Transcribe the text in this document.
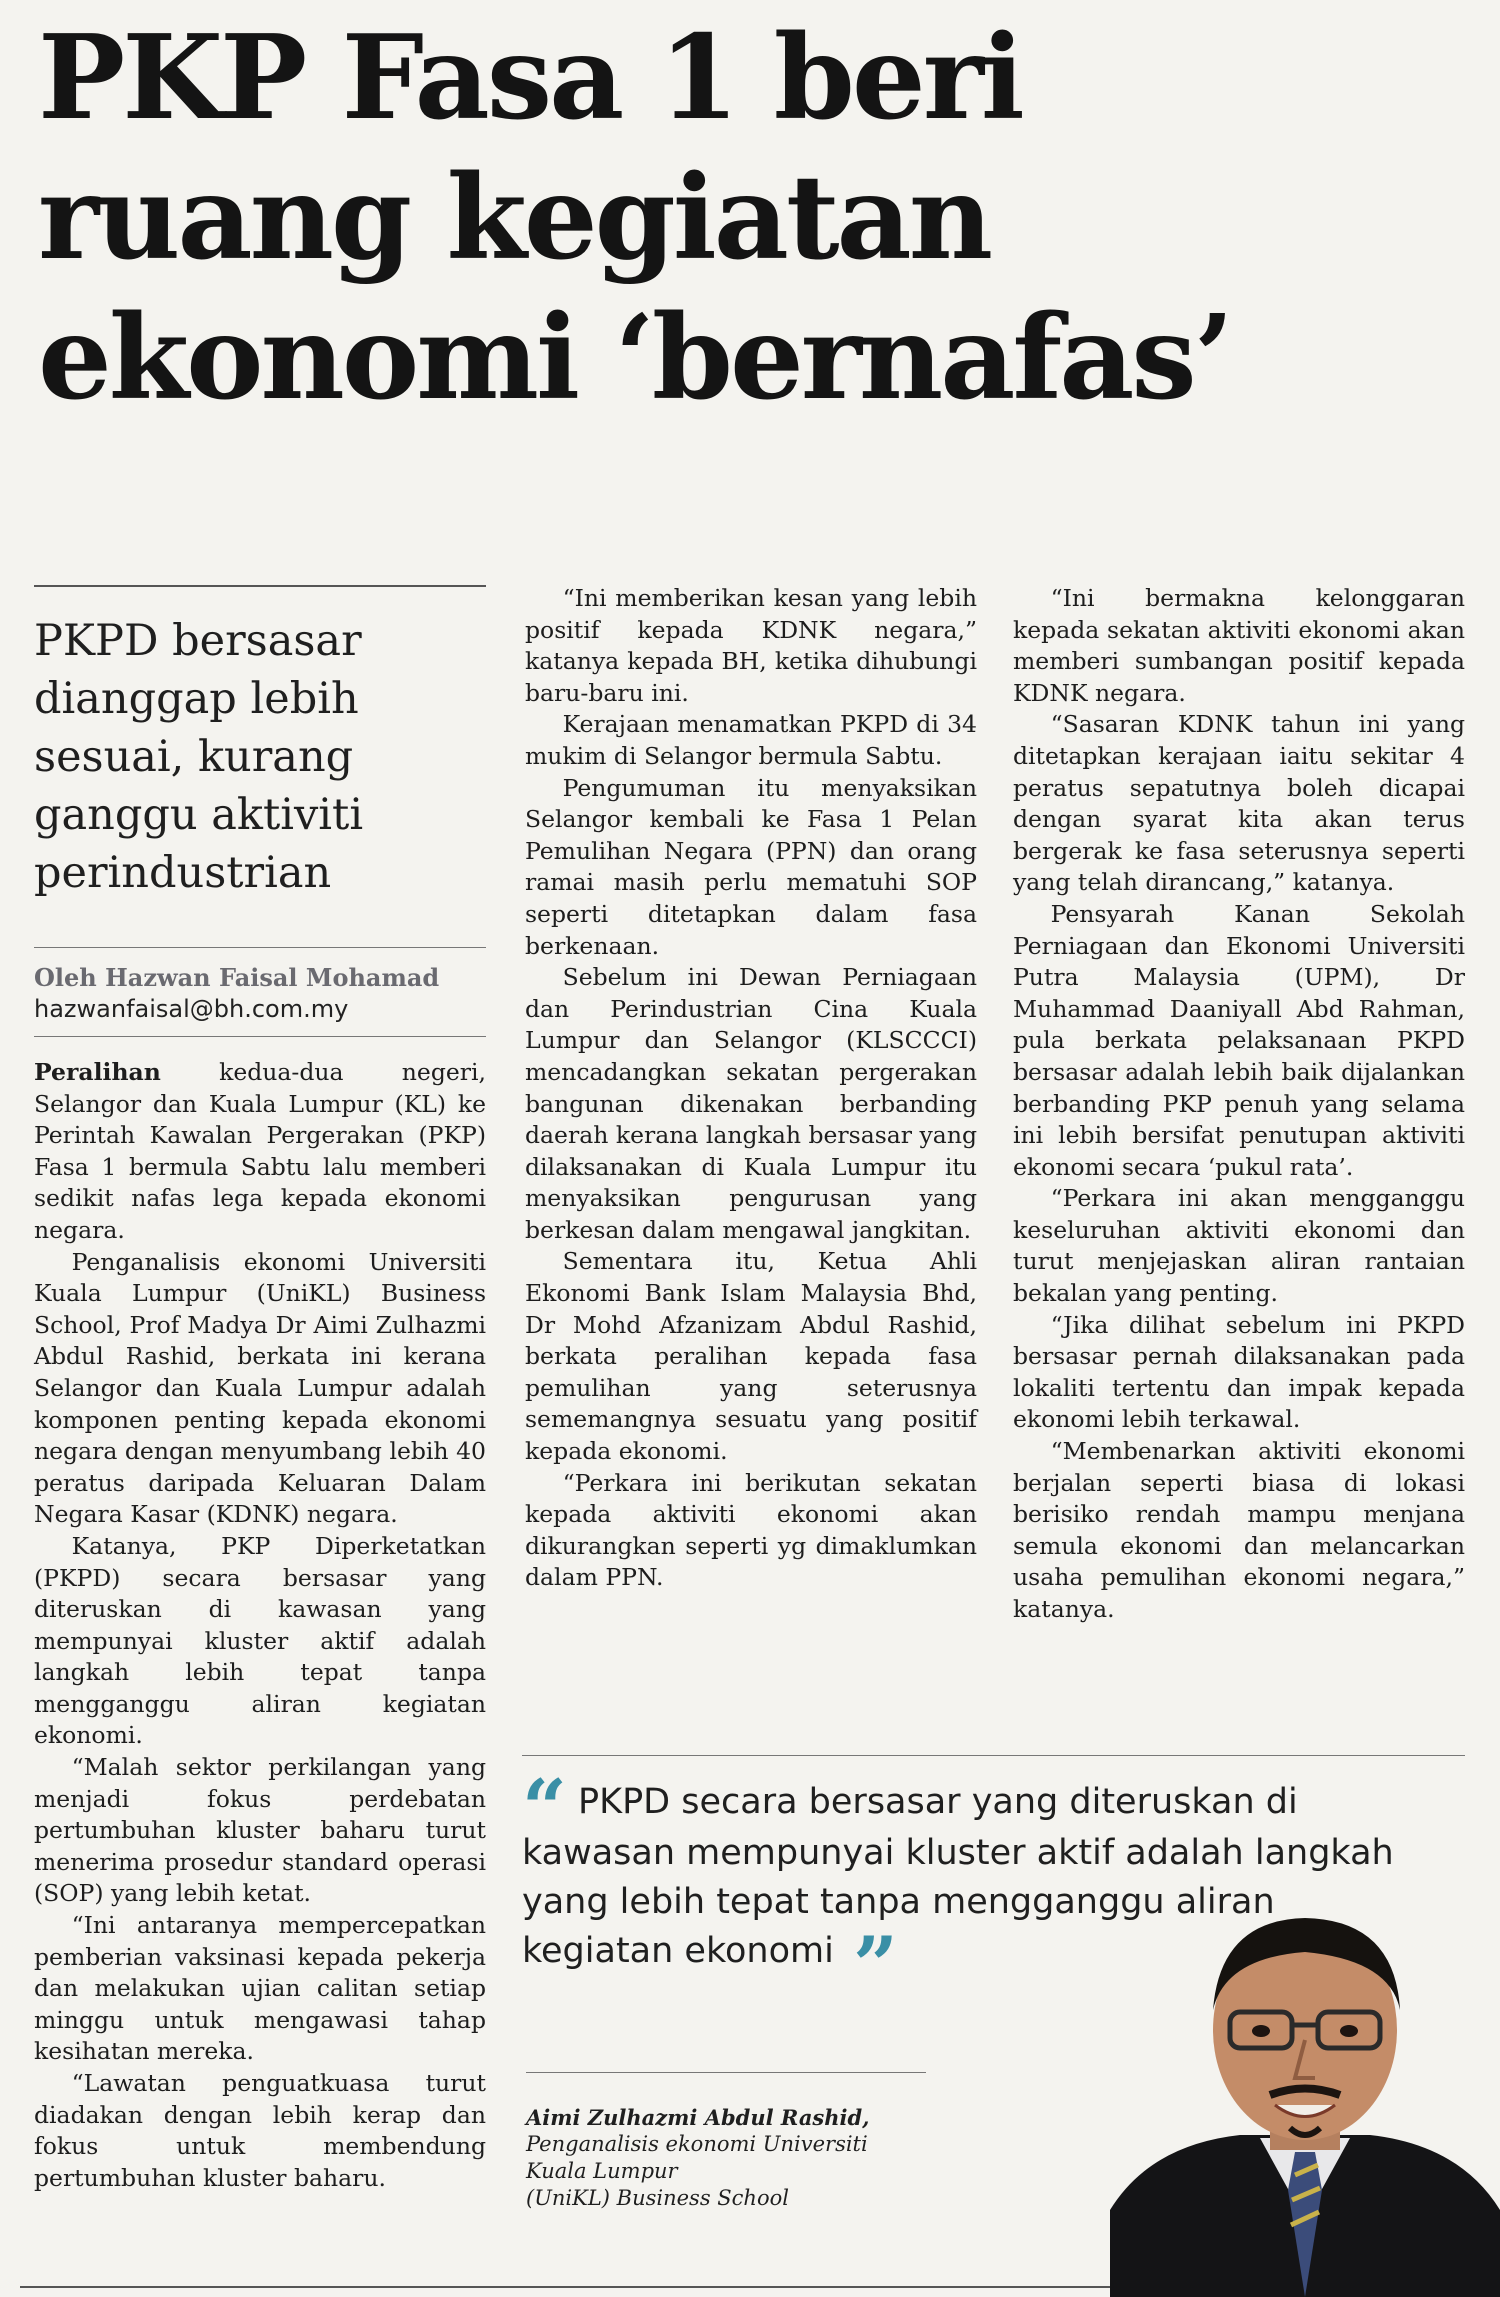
PKP Fasa 1 beri
ruang kegiatan
ekonomi ‘bernafas’
PKPD bersasar dianggap lebih sesuai, kurang ganggu aktiviti perindustrian
Oleh Hazwan Faisal Mohamad
hazwanfaisal@bh.com.my

Peralihan kedua-dua negeri, Selangor dan Kuala Lumpur (KL) ke Perintah Kawalan Pergerakan (PKP) Fasa 1 bermula Sabtu lalu memberi sedikit nafas lega kepada ekonomi negara.

Penganalisis ekonomi Universiti Kuala Lumpur (UniKL) Business School, Prof Madya Dr Aimi Zulhazmi Abdul Rashid, berkata ini kerana Selangor dan Kuala Lumpur adalah komponen penting kepada ekonomi negara dengan menyumbang lebih 40 peratus daripada Keluaran Dalam Negara Kasar (KDNK) negara.

Katanya, PKP Diperketatkan (PKPD) secara bersasar yang diteruskan di kawasan yang mempunyai kluster aktif adalah langkah lebih tepat tanpa mengganggu aliran kegiatan ekonomi.

“Malah sektor perkilangan yang menjadi fokus perdebatan pertumbuhan kluster baharu turut menerima prosedur standard operasi (SOP) yang lebih ketat.

“Ini antaranya mempercepatkan pemberian vaksinasi kepada pekerja dan melakukan ujian calitan setiap minggu untuk mengawasi tahap kesihatan mereka.

“Lawatan penguatkuasa turut diadakan dengan lebih kerap dan fokus untuk membendung pertumbuhan kluster baharu.

“Ini memberikan kesan yang lebih positif kepada KDNK negara,” katanya kepada BH, ketika dihubungi baru-baru ini.

Kerajaan menamatkan PKPD di 34 mukim di Selangor bermula Sabtu.

Pengumuman itu menyaksikan Selangor kembali ke Fasa 1 Pelan Pemulihan Negara (PPN) dan orang ramai masih perlu mematuhi SOP seperti ditetapkan dalam fasa berkenaan.

Sebelum ini Dewan Perniagaan dan Perindustrian Cina Kuala Lumpur dan Selangor (KLSCCCI) mencadangkan sekatan pergerakan bangunan dikenakan berbanding daerah kerana langkah bersasar yang dilaksanakan di Kuala Lumpur itu menyaksikan pengurusan yang berkesan dalam mengawal jangkitan.

Sementara itu, Ketua Ahli Ekonomi Bank Islam Malaysia Bhd, Dr Mohd Afzanizam Abdul Rashid, berkata peralihan kepada fasa pemulihan yang seterusnya sememangnya sesuatu yang positif kepada ekonomi.

“Perkara ini berikutan sekatan kepada aktiviti ekonomi akan dikurangkan seperti yg dimaklumkan dalam PPN.

“Ini bermakna kelonggaran kepada sekatan aktiviti ekonomi akan memberi sumbangan positif kepada KDNK negara.

“Sasaran KDNK tahun ini yang ditetapkan kerajaan iaitu sekitar 4 peratus sepatutnya boleh dicapai dengan syarat kita akan terus bergerak ke fasa seterusnya seperti yang telah dirancang,” katanya.

Pensyarah Kanan Sekolah Perniagaan dan Ekonomi Universiti Putra Malaysia (UPM), Dr Muhammad Daaniyall Abd Rahman, pula berkata pelaksanaan PKPD bersasar adalah lebih baik dijalankan berbanding PKP penuh yang selama ini lebih bersifat penutupan aktiviti ekonomi secara ‘pukul rata’.

“Perkara ini akan mengganggu keseluruhan aktiviti ekonomi dan turut menjejaskan aliran rantaian bekalan yang penting.

“Jika dilihat sebelum ini PKPD bersasar pernah dilaksanakan pada lokaliti tertentu dan impak kepada ekonomi lebih terkawal.

“Membenarkan aktiviti ekonomi berjalan seperti biasa di lokasi berisiko rendah mampu menjana semula ekonomi dan melancarkan usaha pemulihan ekonomi negara,” katanya.

“ PKPD secara bersasar yang diteruskan di kawasan mempunyai kluster aktif adalah langkah yang lebih tepat tanpa mengganggu aliran kegiatan ekonomi ”
Aimi Zulhazmi Abdul Rashid,
Penganalisis ekonomi Universiti
Kuala Lumpur
(UniKL) Business School
